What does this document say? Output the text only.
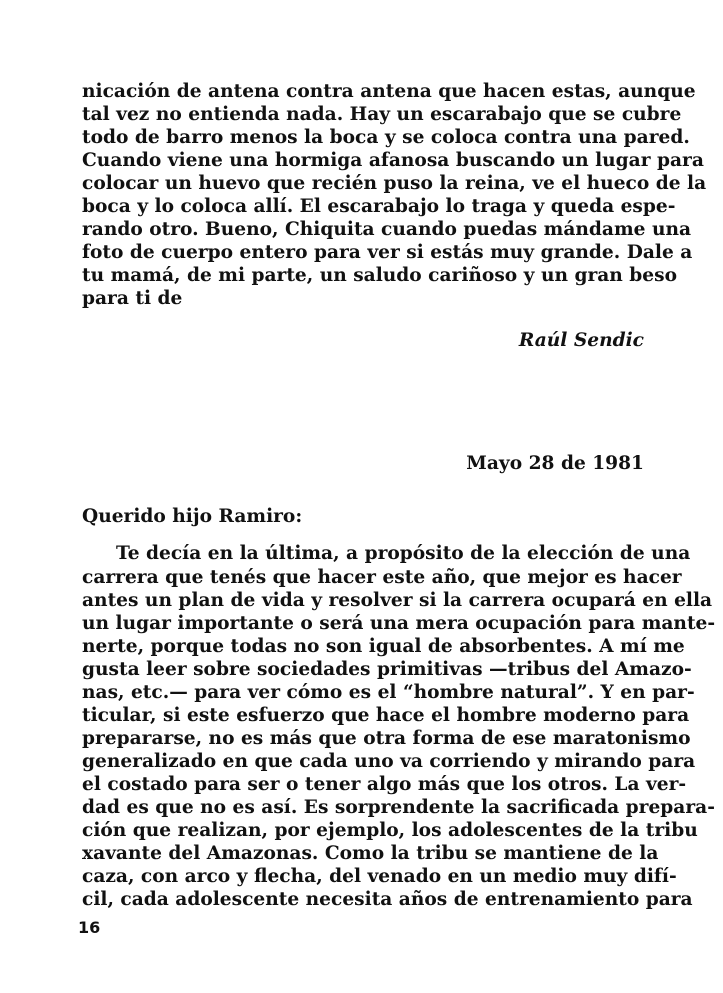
nicación de antena contra antena que hacen estas, aunque
tal vez no entienda nada. Hay un escarabajo que se cubre
todo de barro menos la boca y se coloca contra una pared.
Cuando viene una hormiga afanosa buscando un lugar para
colocar un huevo que recién puso la reina, ve el hueco de la
boca y lo coloca allí. El escarabajo lo traga y queda espe-
rando otro. Bueno, Chiquita cuando puedas mándame una
foto de cuerpo entero para ver si estás muy grande. Dale a
tu mamá, de mi parte, un saludo cariñoso y un gran beso
para ti de
Raúl Sendic
Mayo 28 de 1981
Querido hijo Ramiro:
Te decía en la última, a propósito de la elección de una
carrera que tenés que hacer este año, que mejor es hacer
antes un plan de vida y resolver si la carrera ocupará en ella
un lugar importante o será una mera ocupación para mante-
nerte, porque todas no son igual de absorbentes. A mí me
gusta leer sobre sociedades primitivas —tribus del Amazo-
nas, etc.— para ver cómo es el “hombre natural”. Y en par-
ticular, si este esfuerzo que hace el hombre moderno para
prepararse, no es más que otra forma de ese maratonismo
generalizado en que cada uno va corriendo y mirando para
el costado para ser o tener algo más que los otros. La ver-
dad es que no es así. Es sorprendente la sacrificada prepara-
ción que realizan, por ejemplo, los adolescentes de la tribu
xavante del Amazonas. Como la tribu se mantiene de la
caza, con arco y flecha, del venado en un medio muy difí-
cil, cada adolescente necesita años de entrenamiento para
16
